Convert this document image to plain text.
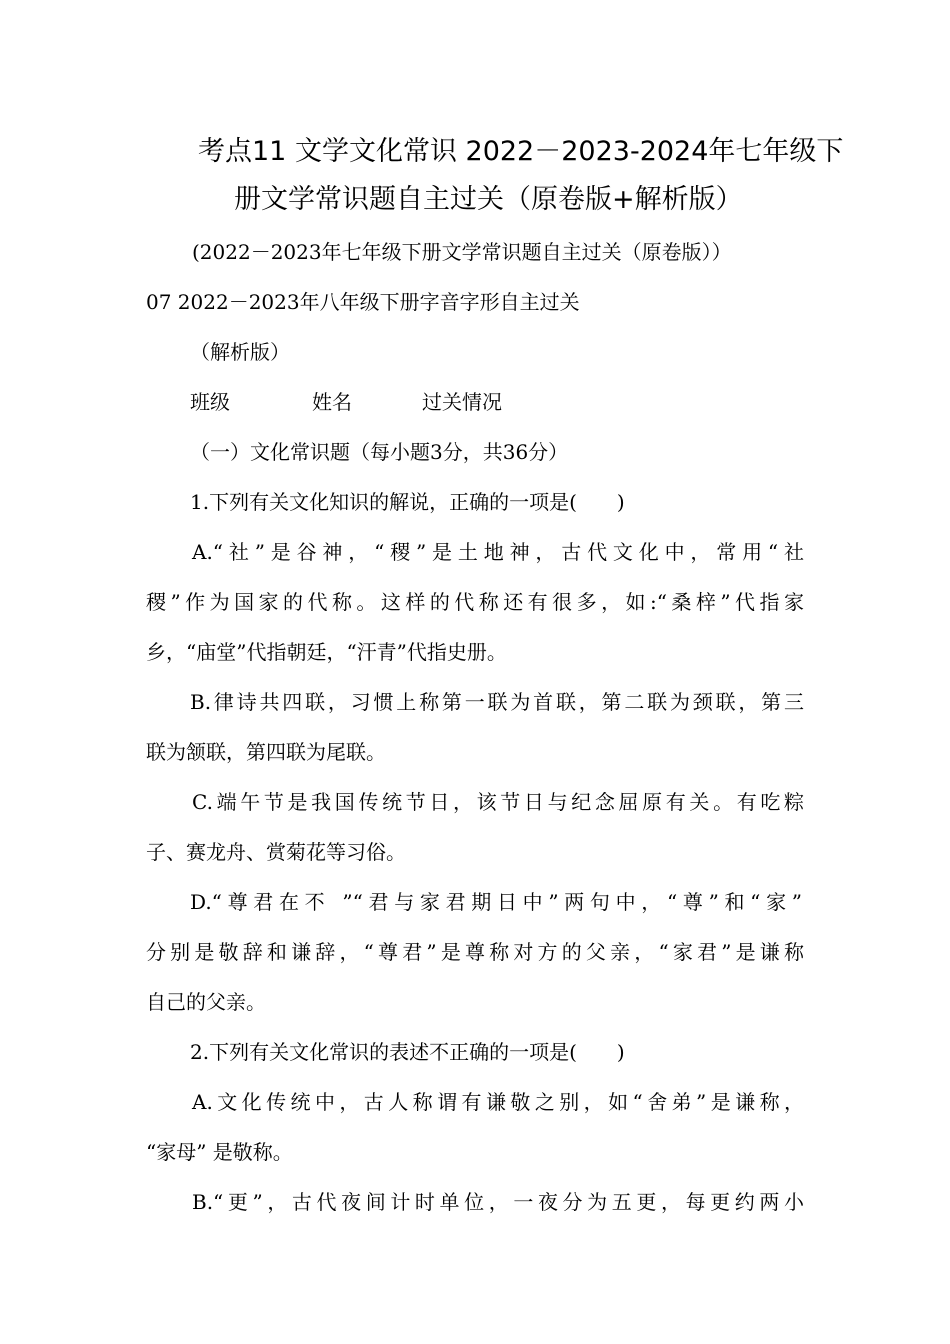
考点11 文学文化常识 2022－2023-2024年七年级下
册文学常识题自主过关（原卷版+解析版）
(2022－2023年七年级下册文学常识题自主过关（原卷版））
07 2022－2023年八年级下册字音字形自主过关
（解析版）
班级	姓名	过关情况
（一）文化常识题（每小题3分，共36分）
1.下列有关文化知识的解说，正确的一项是(　　)
A.“社”是谷神，“稷”是土地神，古代文化中，常用“社
稷”作为国家的代称。这样的代称还有很多，如:“桑梓”代指家
乡，“庙堂”代指朝廷，“汗青”代指史册。
B.律诗共四联，习惯上称第一联为首联，第二联为颈联，第三
联为颔联，第四联为尾联。
C.端午节是我国传统节日，该节日与纪念屈原有关。有吃粽
子、赛龙舟、赏菊花等习俗。
D.“尊君在不 ”“君与家君期日中”两句中，“尊”和“家”
分别是敬辞和谦辞，“尊君”是尊称对方的父亲，“家君”是谦称
自己的父亲。
2.下列有关文化常识的表述不正确的一项是(　　)
A.文化传统中，古人称谓有谦敬之别，如“舍弟”是谦称，
“家母” 是敬称。
B.“更”，古代夜间计时单位，一夜分为五更，每更约两小
